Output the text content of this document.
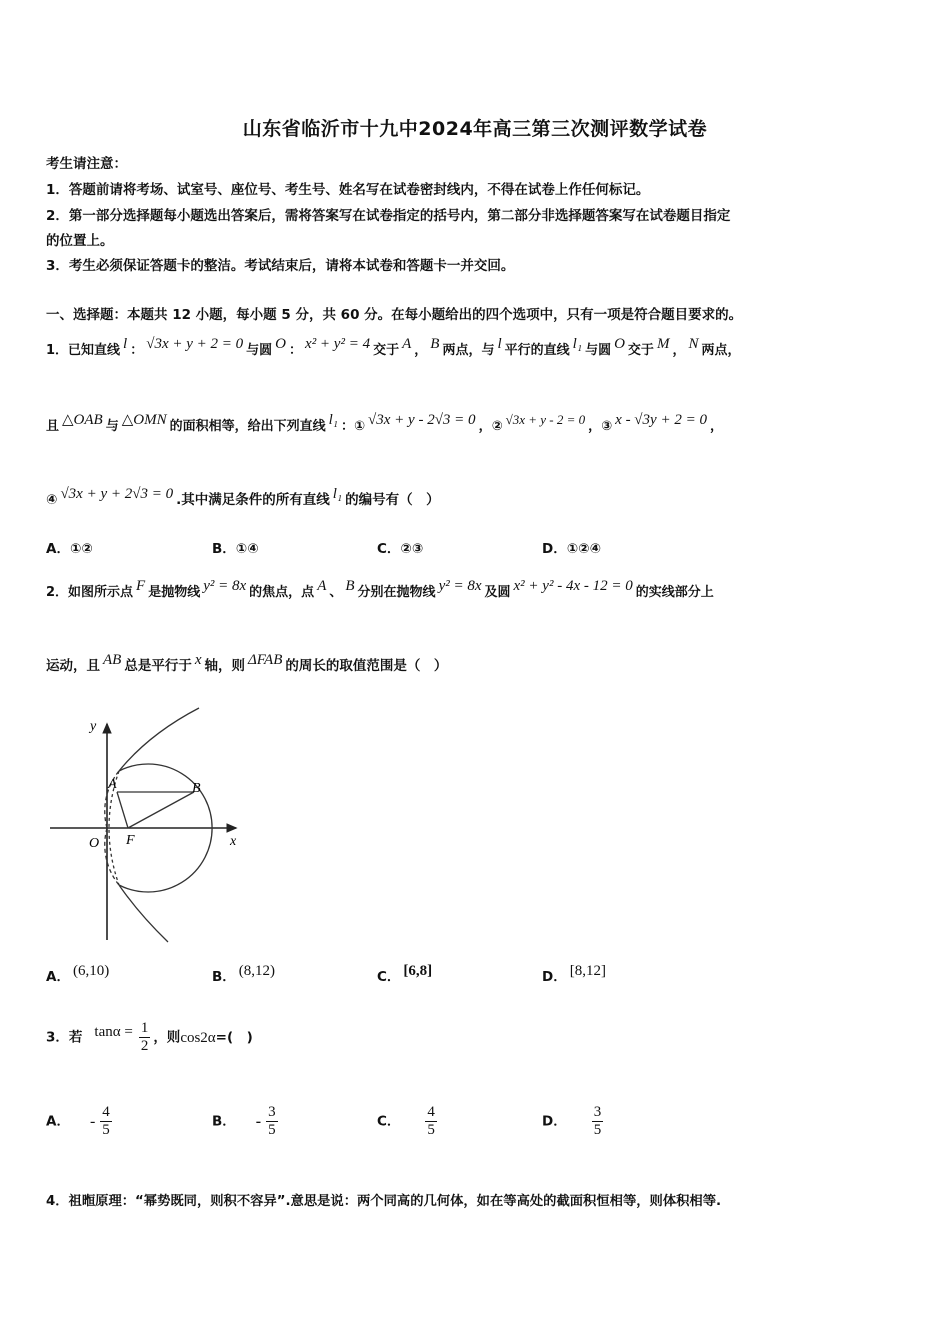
山东省临沂市十九中2024年高三第三次测评数学试卷
考生请注意：
1．答题前请将考场、试室号、座位号、考生号、姓名写在试卷密封线内，不得在试卷上作任何标记。
2．第一部分选择题每小题选出答案后，需将答案写在试卷指定的括号内，第二部分非选择题答案写在试卷题目指定
的位置上。
3．考生必须保证答题卡的整洁。考试结束后，请将本试卷和答题卡一并交回。
一、选择题：本题共 12 小题，每小题 5 分，共 60 分。在每小题给出的四个选项中，只有一项是符合题目要求的。
1．已知直线 l ： √3x + y + 2 = 0 与圆 O ： x² + y² = 4 交于 A ， B 两点，与 l 平行的直线 l₁ 与圆 O 交于 M ， N 两点，
且 △OAB 与 △OMN 的面积相等，给出下列直线 l₁ ：① √3x + y - 2√3 = 0 ，② √3x + y - 2 = 0 ，③ x - √3y + 2 = 0 ，
④ √3x + y + 2√3 = 0 .其中满足条件的所有直线 l₁ 的编号有（　）
A．①②	B．①④	C．②③	D．①②④
2．如图所示点 F 是抛物线 y² = 8x 的焦点，点 A 、 B 分别在抛物线 y² = 8x 及圆 x² + y² - 4x - 12 = 0 的实线部分上
运动，且 AB 总是平行于 x 轴，则 ΔFAB 的周长的取值范围是（　）
y
A	B
O F	x
A． (6,10)	B． (8,12)	C． [6,8]	D． [8,12]
3．若 $\tan\alpha = \frac{1}{2}$ ，则cos2α=(　)
A． - $\frac{4}{5}$	B． - $\frac{3}{5}$	C． $\frac{4}{5}$	D． $\frac{3}{5}$
4．祖暅原理：“幂势既同，则积不容异”.意思是说：两个同高的几何体，如在等高处的截面积恒相等，则体积相等.
